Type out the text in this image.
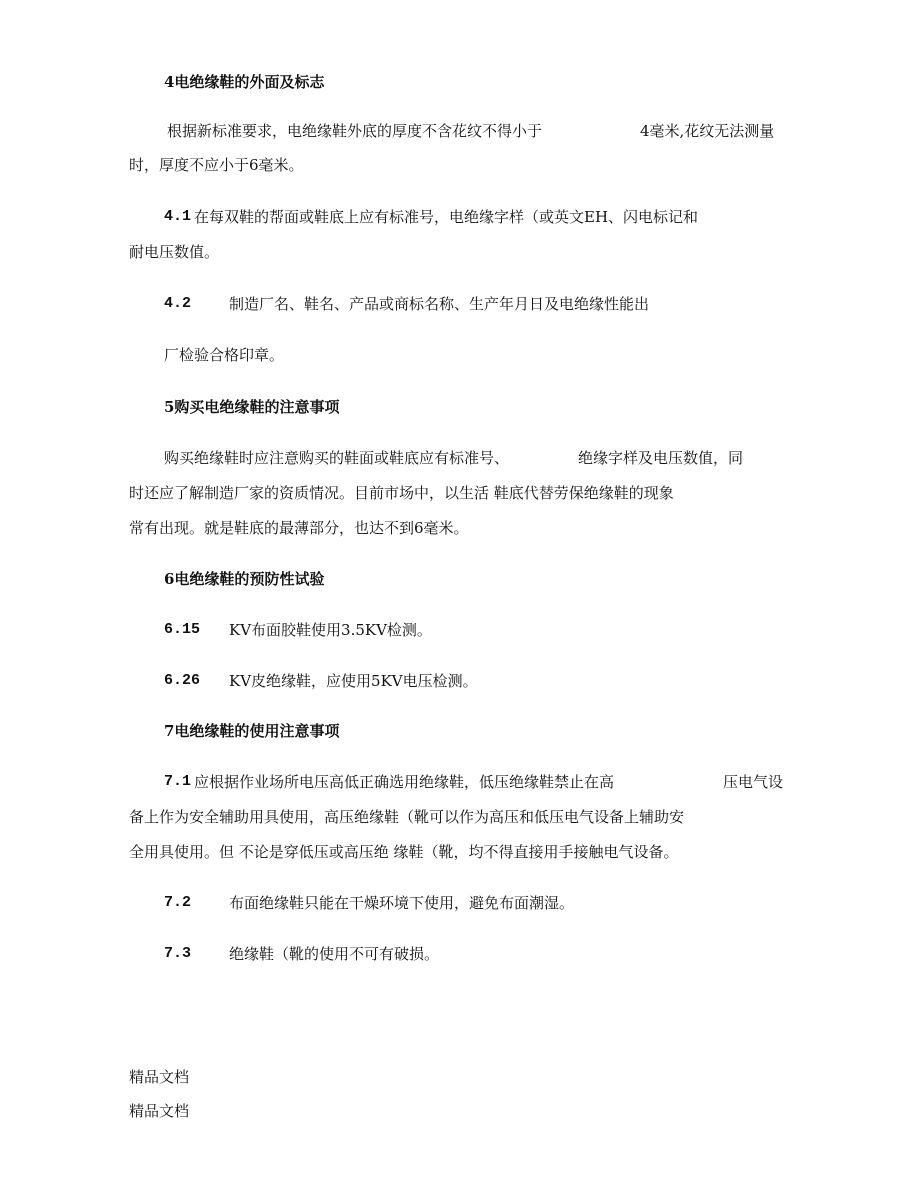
4电绝缘鞋的外面及标志
根据新标准要求，电绝缘鞋外底的厚度不含花纹不得小于	4毫米,花纹无法测量
时，厚度不应小于6毫米。
4.1 在每双鞋的帮面或鞋底上应有标准号，电绝缘字样（或英文EH、闪电标记和
耐电压数值。
4.2	制造厂名、鞋名、产品或商标名称、生产年月日及电绝缘性能出
厂检验合格印章。
5购买电绝缘鞋的注意事项
购买绝缘鞋时应注意购买的鞋面或鞋底应有标准号、	绝缘字样及电压数值，同
时还应了解制造厂家的资质情况。目前市场中，以生活 鞋底代替劳保绝缘鞋的现象
常有出现。就是鞋底的最薄部分，也达不到6毫米。
6电绝缘鞋的预防性试验
6.15 KV布面胶鞋使用3.5KV检测。
6.26 KV皮绝缘鞋，应使用5KV电压检测。
7电绝缘鞋的使用注意事项
7.1 应根据作业场所电压高低正确选用绝缘鞋，低压绝缘鞋禁止在高	压电气设
备上作为安全辅助用具使用，高压绝缘鞋（靴可以作为高压和低压电气设备上辅助安
全用具使用。但 不论是穿低压或高压绝 缘鞋（靴，均不得直接用手接触电气设备。
7.2	布面绝缘鞋只能在干燥环境下使用，避免布面潮湿。
7.3	绝缘鞋（靴的使用不可有破损。
精品文档
精品文档
